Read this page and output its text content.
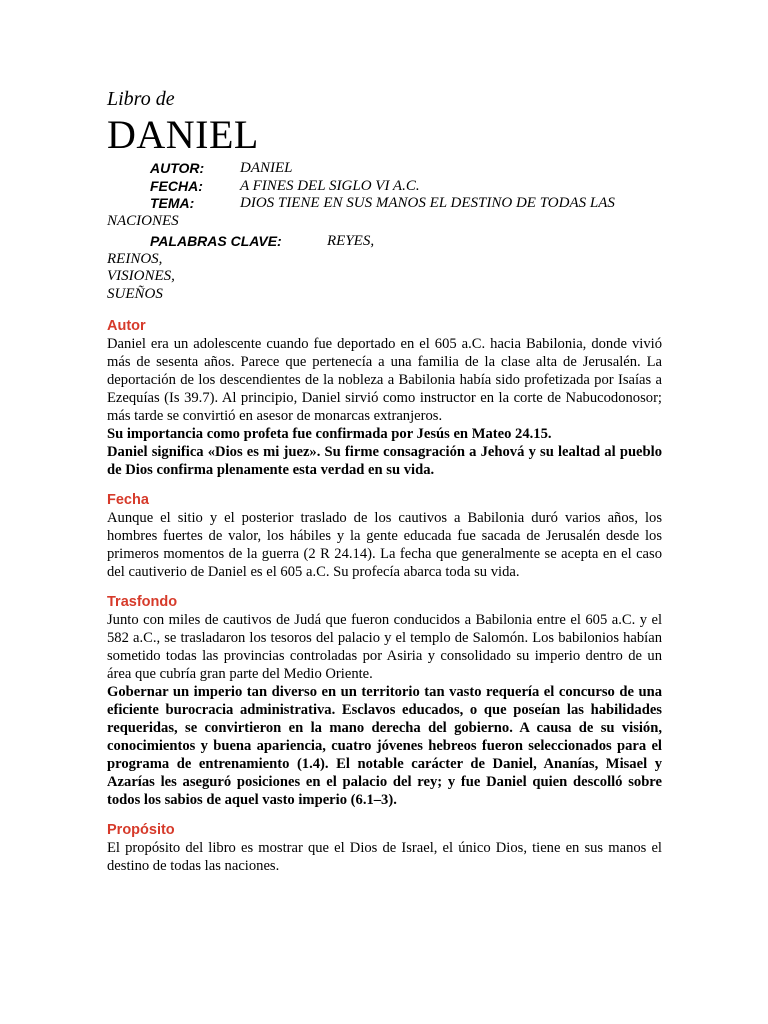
Libro de

DANIEL
AUTOR:	DANIEL
FECHA:	A FINES DEL SIGLO VI A.C.
TEMA:	DIOS TIENE EN SUS MANOS EL DESTINO DE TODAS LAS
NACIONES
PALABRAS CLAVE:	REYES,
REINOS,
VISIONES,
SUEÑOS

Autor

Daniel era un adolescente cuando fue deportado en el 605 a.C. hacia Babilonia, donde vivió más de sesenta años. Parece que pertenecía a una familia de la clase alta de Jerusalén. La deportación de los descendientes de la nobleza a Babilonia había sido profetizada por Isaías a Ezequías (Is 39.7). Al principio, Daniel sirvió como instructor en la corte de Nabucodonosor; más tarde se convirtió en asesor de monarcas extranjeros.

Su importancia como profeta fue confirmada por Jesús en Mateo 24.15.

Daniel significa «Dios es mi juez». Su firme consagración a Jehová y su lealtad al pueblo de Dios confirma plenamente esta verdad en su vida.

Fecha

Aunque el sitio y el posterior traslado de los cautivos a Babilonia duró varios años, los hombres fuertes de valor, los hábiles y la gente educada fue sacada de Jerusalén desde los primeros momentos de la guerra (2 R 24.14). La fecha que generalmente se acepta en el caso del cautiverio de Daniel es el 605 a.C. Su profecía abarca toda su vida.

Trasfondo

Junto con miles de cautivos de Judá que fueron conducidos a Babilonia entre el 605 a.C. y el 582 a.C., se trasladaron los tesoros del palacio y el templo de Salomón. Los babilonios habían sometido todas las provincias controladas por Asiria y consolidado su imperio dentro de un área que cubría gran parte del Medio Oriente.

Gobernar un imperio tan diverso en un territorio tan vasto requería el concurso de una eficiente burocracia administrativa. Esclavos educados, o que poseían las habilidades requeridas, se convirtieron en la mano derecha del gobierno. A causa de su visión, conocimientos y buena apariencia, cuatro jóvenes hebreos fueron seleccionados para el programa de entrenamiento (1.4). El notable carácter de Daniel, Ananías, Misael y Azarías les aseguró posiciones en el palacio del rey; y fue Daniel quien descolló sobre todos los sabios de aquel vasto imperio (6.1–3).

Propósito

El propósito del libro es mostrar que el Dios de Israel, el único Dios, tiene en sus manos el destino de todas las naciones.
